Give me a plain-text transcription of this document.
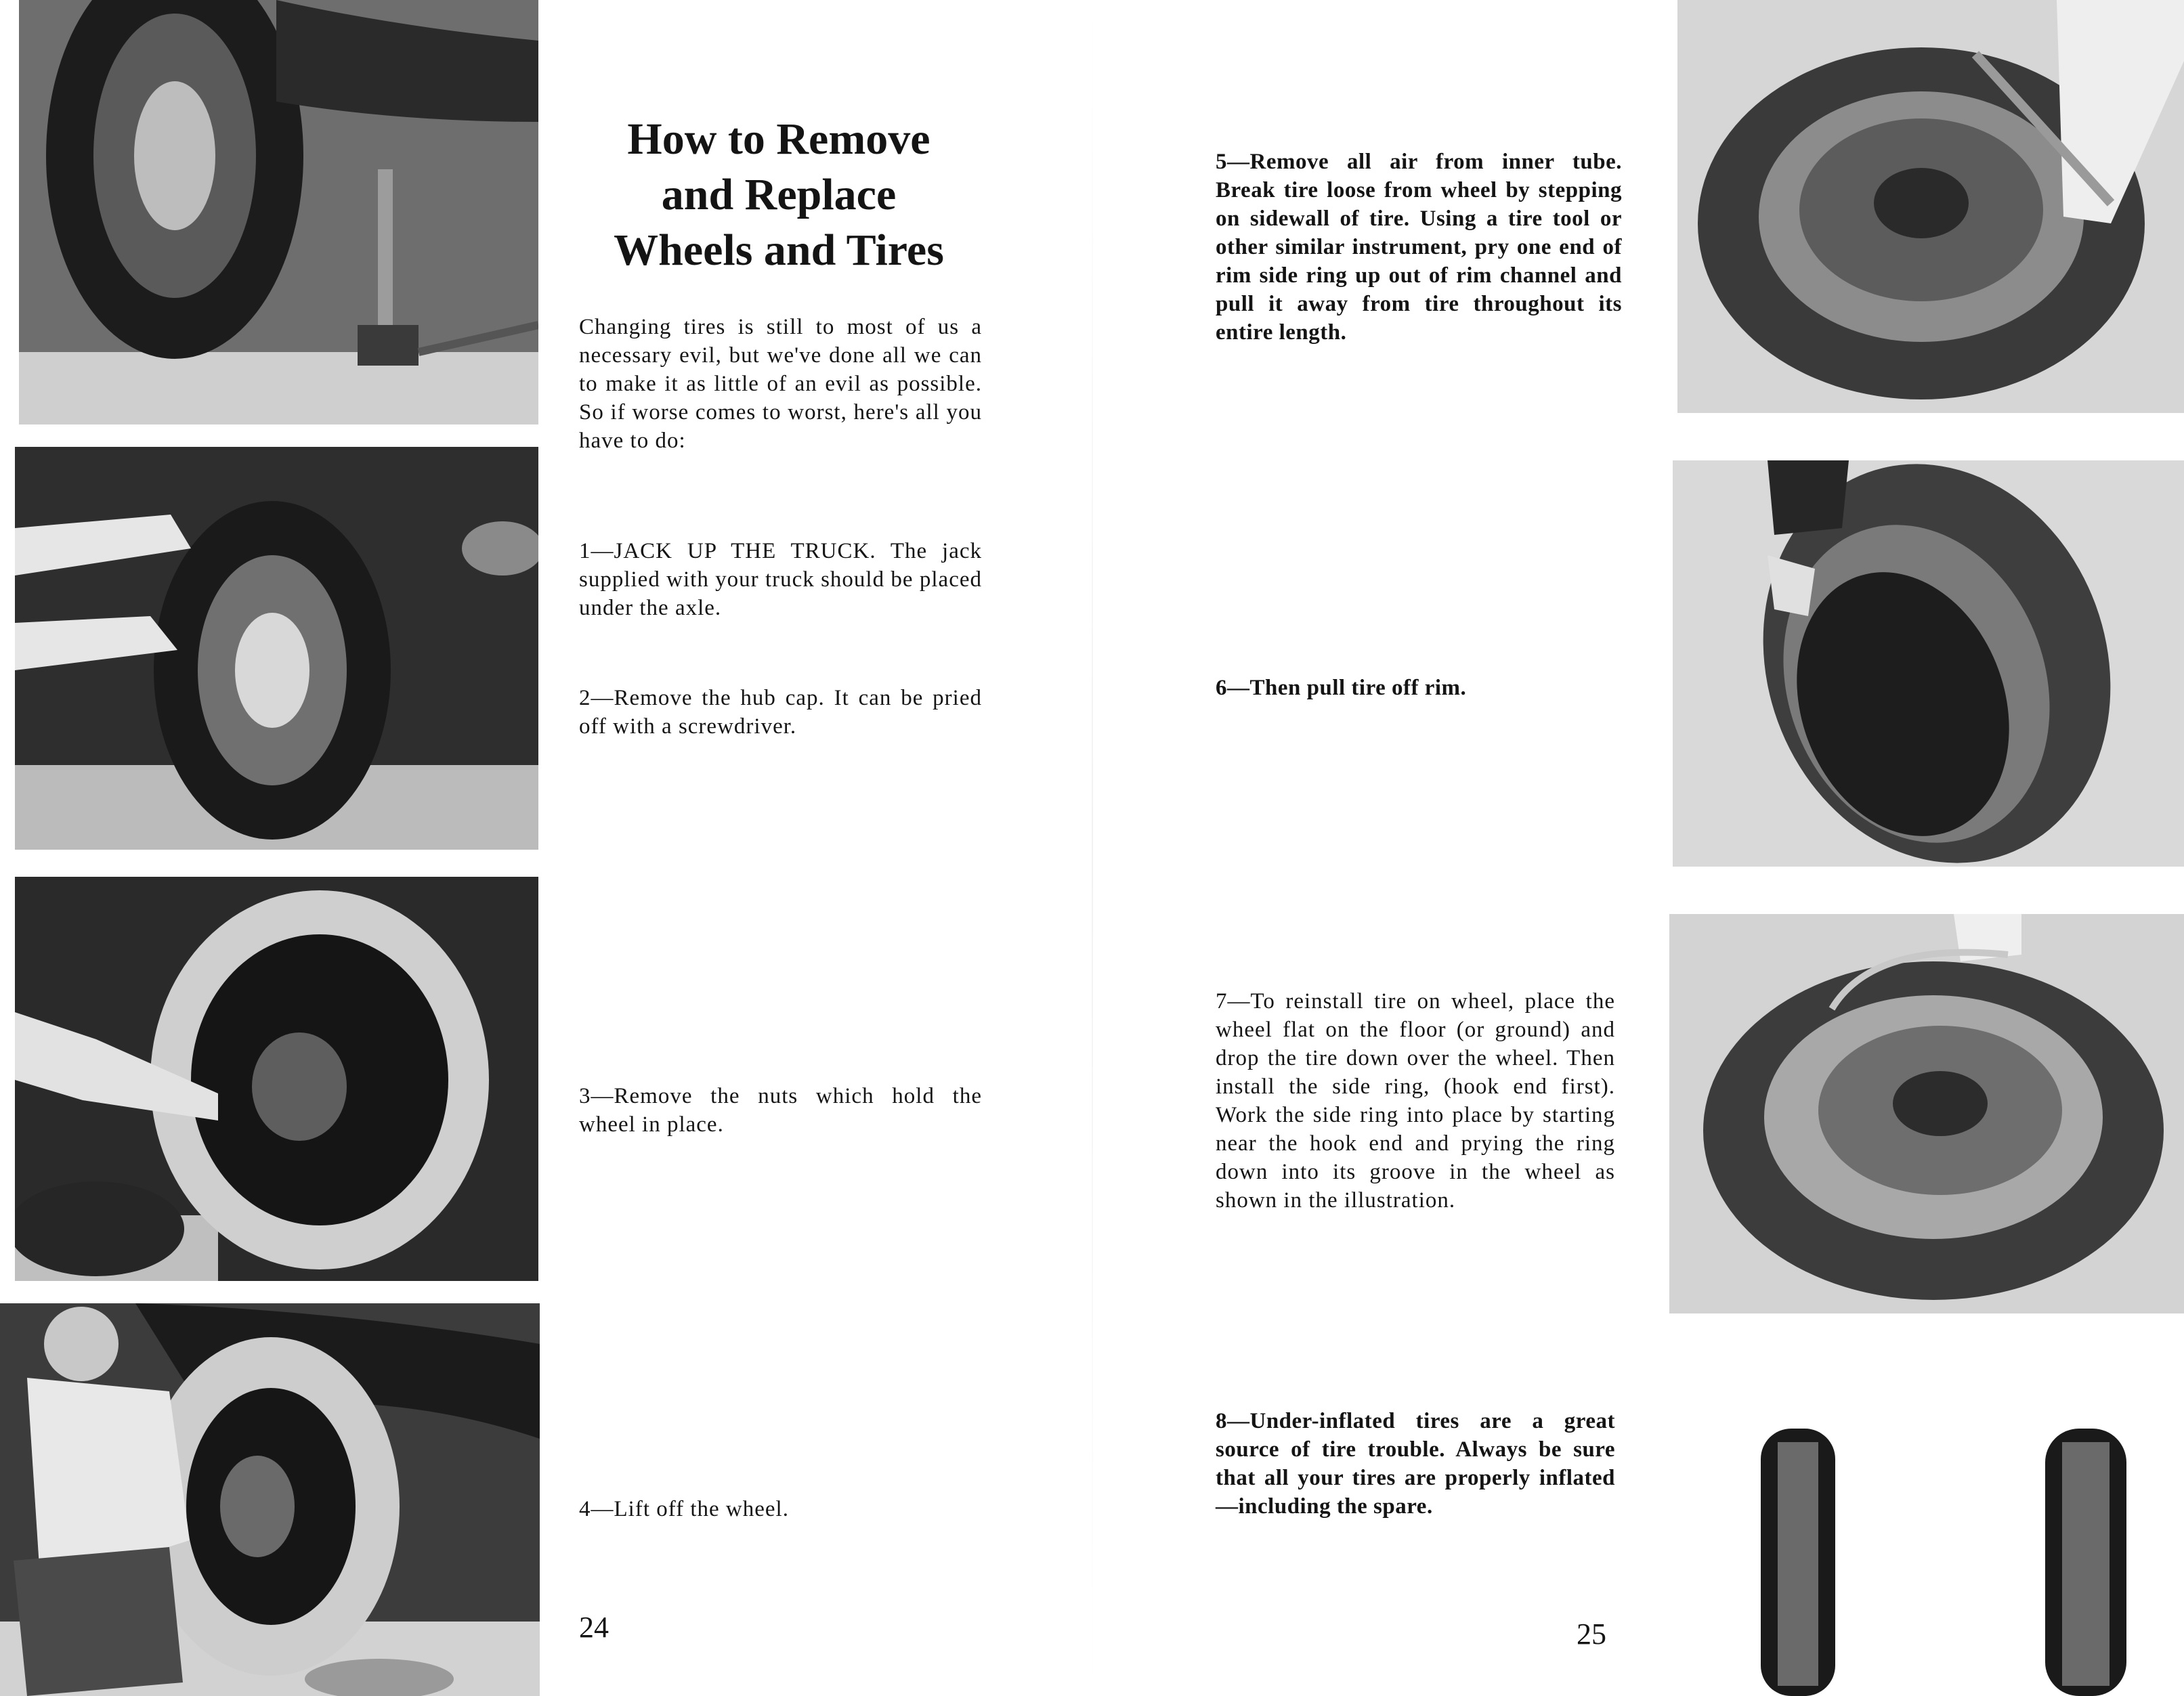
How to Remove
and Replace
Wheels and Tires

Changing tires is still to most of us a necessary evil, but we've done all we can to make it as little of an evil as possible. So if worse comes to worst, here's all you have to do:

1—JACK UP THE TRUCK. The jack supplied with your truck should be placed under the axle.

2—Remove the hub cap. It can be pried off with a screwdriver.

3—Remove the nuts which hold the wheel in place.

4—Lift off the wheel.

24

5—Remove all air from inner tube. Break tire loose from wheel by stepping on sidewall of tire. Using a tire tool or other similar instrument, pry one end of rim side ring up out of rim channel and pull it away from tire throughout its entire length.

6—Then pull tire off rim.

7—To reinstall tire on wheel, place the wheel flat on the floor (or ground) and drop the tire down over the wheel. Then install the side ring, (hook end first). Work the side ring into place by starting near the hook end and prying the ring down into its groove in the wheel as shown in the illustration.

8—Under-inflated tires are a great source of tire trouble. Always be sure that all your tires are properly inflated—including the spare.

25
